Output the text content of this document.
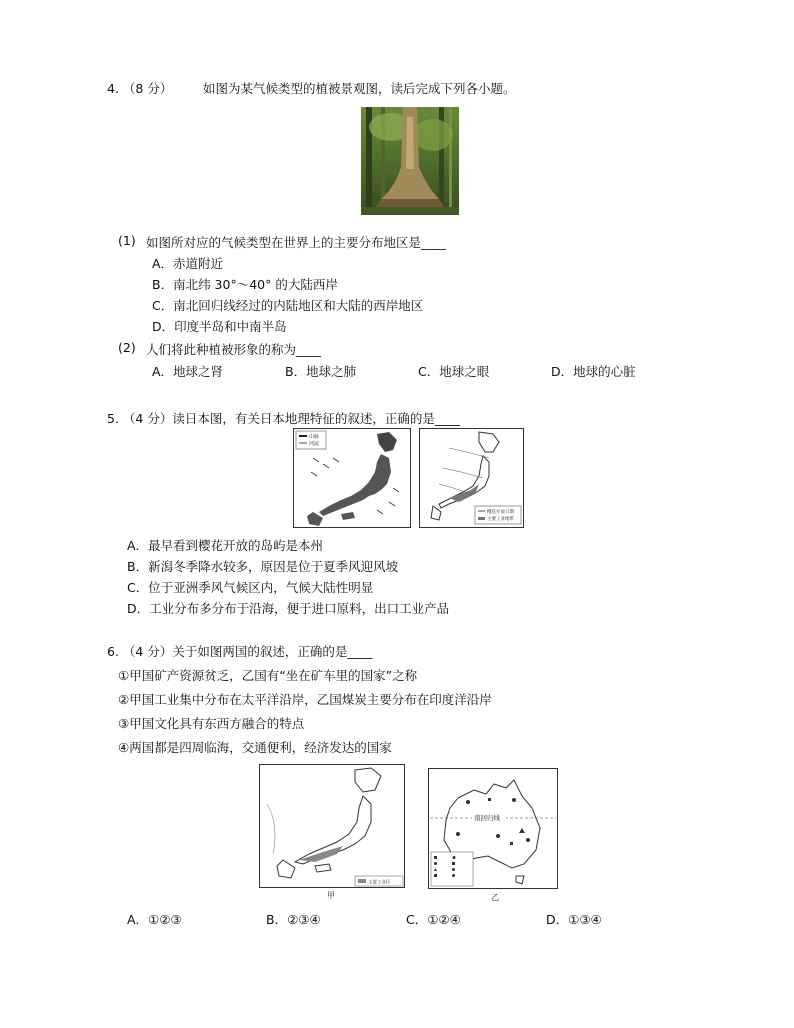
4. （8 分） 如图为某气候类型的植被景观图，读后完成下列各小题。
(1) 如图所对应的气候类型在世界上的主要分布地区是____
A．赤道附近
B．南北纬 30°～40° 的大陆西岸
C．南北回归线经过的内陆地区和大陆的西岸地区
D．印度半岛和中南半岛
(2) 人们将此种植被形象的称为____
A．地球之肾	B．地球之肺	C．地球之眼	D．地球的心脏
5. （4 分）读日本图，有关日本地理特征的叙述，正确的是____
山脉
河流
樱花开放日期
主要工业地带
A．最早看到樱花开放的岛屿是本州
B．新潟冬季降水较多，原因是位于夏季风迎风坡
C．位于亚洲季风气候区内，气候大陆性明显
D．工业分布多分布于沿海，便于进口原料，出口工业产品
6. （4 分）关于如图两国的叙述，正确的是____
①甲国矿产资源贫乏，乙国有“坐在矿车里的国家”之称
②甲国工业集中分布在太平洋沿岸，乙国煤炭主要分布在印度洋沿岸
③甲国文化具有东西方融合的特点
④两国都是四周临海，交通便利，经济发达的国家
主要工业区
甲
南回归线
乙
A．①②③	B．②③④	C．①②④	D．①③④
